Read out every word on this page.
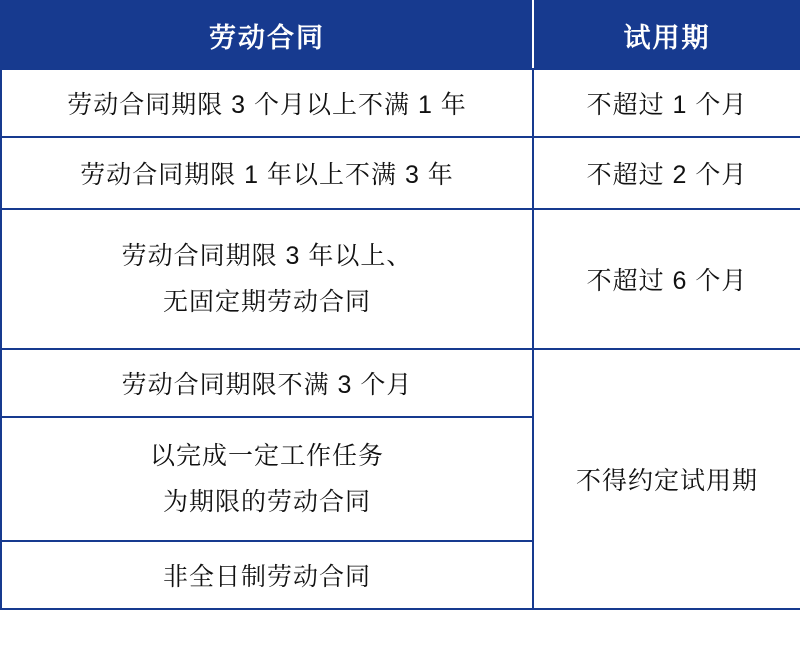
劳动合同	试用期
劳动合同期限 3 个月以上不满 1 年	不超过 1 个月
劳动合同期限 1 年以上不满 3 年	不超过 2 个月

劳动合同期限 3 年以上、
无固定期劳动合同	不超过 6 个月
劳动合同期限不满 3 个月	不得约定试用期

以完成一定工作任务
为期限的劳动合同	

非全日制劳动合同	
